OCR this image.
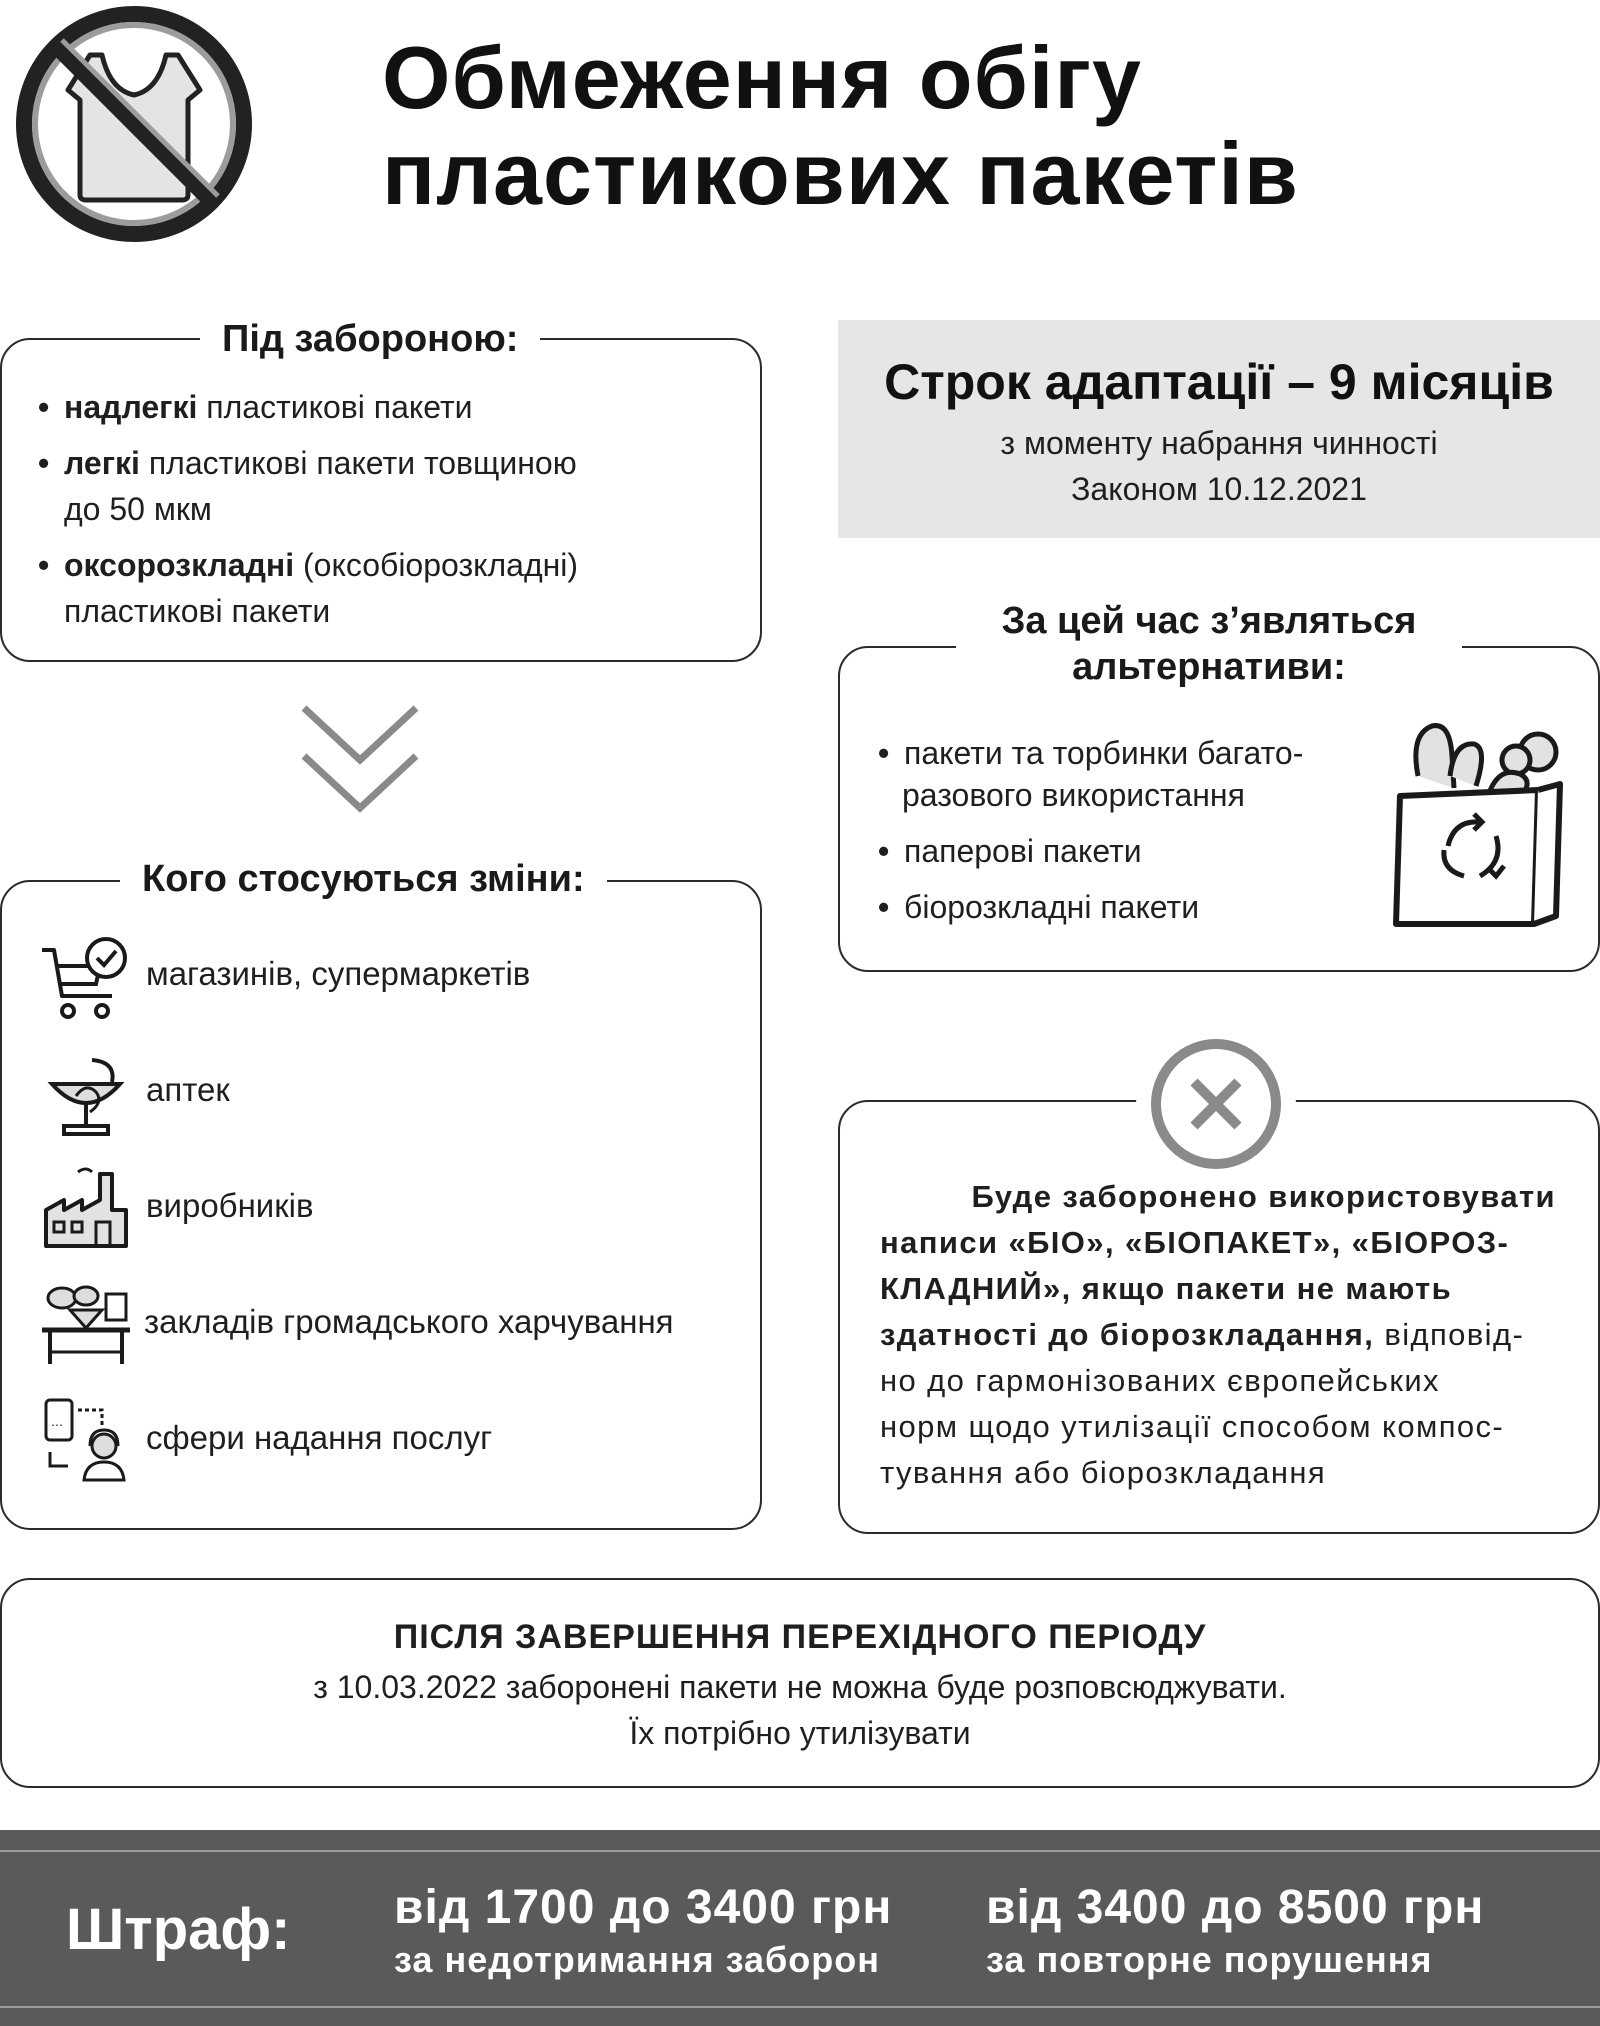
Обмеження обігу
пластикових пакетів
Під забороною:
• надлегкі пластикові пакети
• легкі пластикові пакети товщиною
до 50 мкм
• оксорозкладні (оксобіорозкладні)
пластикові пакети
Кого стосуються зміни:
магазинів, супермаркетів
аптек
виробників
закладів громадського харчування
…	сфери надання послуг
Строк адаптації – 9 місяців
з моменту набрання чинності
Законом 10.12.2021
За цей час з’являться
альтернативи:
• пакети та торбинки багато-
разового використання
• паперові пакети
• біорозкладні пакети
Буде заборонено використовувати
написи «БІО», «БІОПАКЕТ», «БІОРОЗ-
КЛАДНИЙ», якщо пакети не мають
здатності до біорозкладання, відповід-
но до гармонізованих європейських
норм щодо утилізації способом компос-
тування або біорозкладання
ПІСЛЯ ЗАВЕРШЕННЯ ПЕРЕХІДНОГО ПЕРІОДУ
з 10.03.2022 заборонені пакети не можна буде розповсюджувати.
Їх потрібно утилізувати
Штраф: від 1700 до 3400 грн
за недотримання заборон
від 3400 до 8500 грн
за повторне порушення
